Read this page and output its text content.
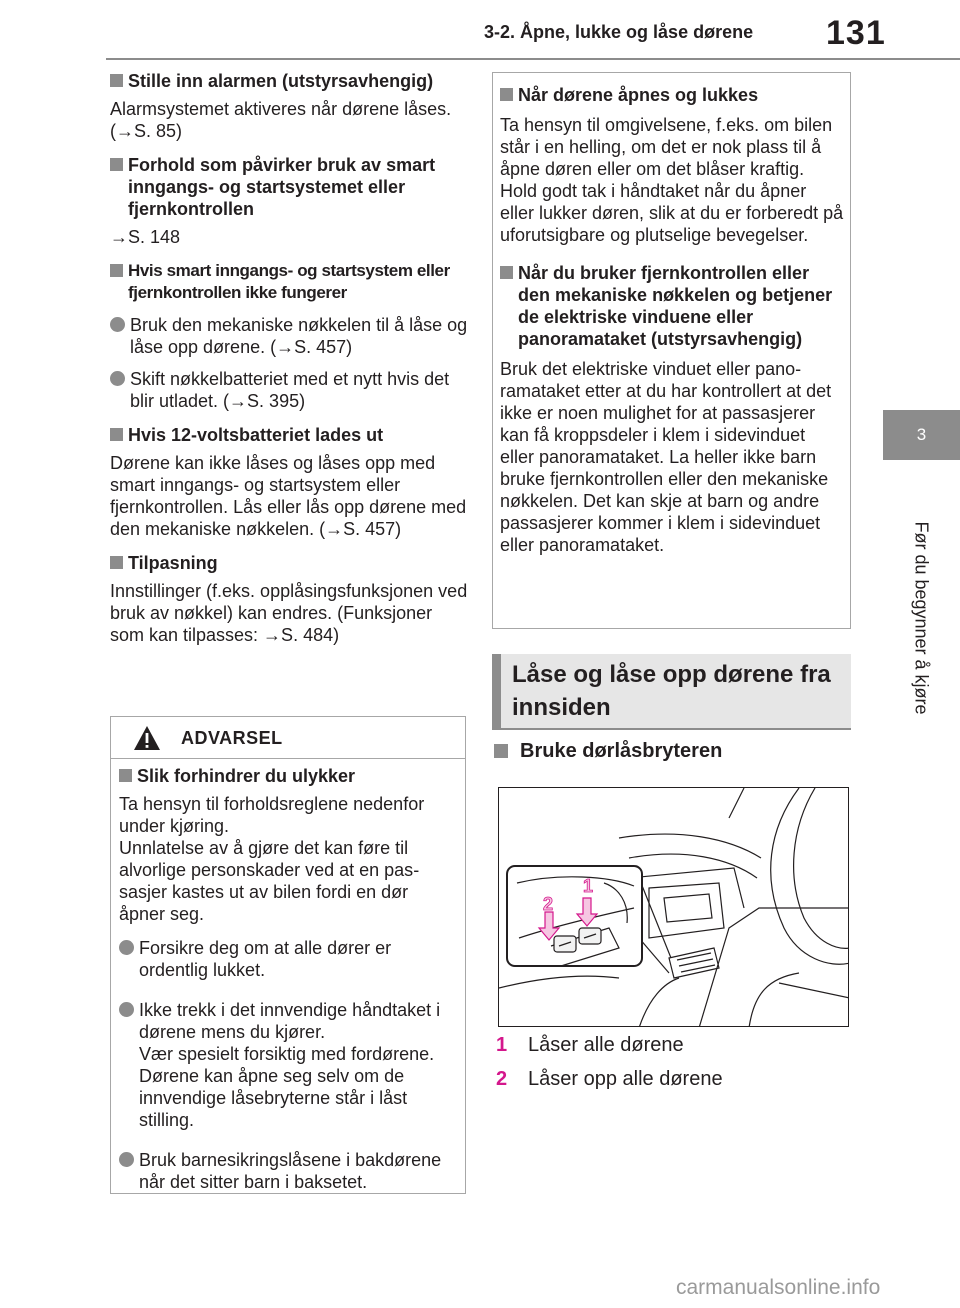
3-2. Åpne, lukke og låse dørene 131
3
Før du begynner å kjøre
Stille inn alarmen (utstyrsavhengig)
Alarmsystemet aktiveres når dørene låses. (→S. 85)
Forhold som påvirker bruk av smart inngangs- og startsystemet eller fjernkontrollen
→S. 148
Hvis smart inngangs- og startsystem eller fjernkontrollen ikke fungerer
Bruk den mekaniske nøkkelen til å låse og låse opp dørene. (→S. 457)
Skift nøkkelbatteriet med et nytt hvis det blir utladet. (→S. 395)
Hvis 12-voltsbatteriet lades ut
Dørene kan ikke låses og låses opp med smart inngangs- og startsystem eller fjernkontrollen. Lås eller lås opp dørene med den mekaniske nøkkelen. (→S. 457)
Tilpasning
Innstillinger (f.eks. opplåsingsfunksjonen ved bruk av nøkkel) kan endres. (Funksjoner som kan tilpasses: →S. 484)
ADVARSEL
Slik forhindrer du ulykker
Ta hensyn til forholdsreglene nedenfor under kjøring.
Unnlatelse av å gjøre det kan føre til alvorlige personskader ved at en passasjer kastes ut av bilen fordi en dør åpner seg.
Forsikre deg om at alle dører er ordentlig lukket.
Ikke trekk i det innvendige håndtaket i dørene mens du kjører.
Vær spesielt forsiktig med fordørene. Dørene kan åpne seg selv om de innvendige låsebryterne står i låst stilling.
Bruk barnesikringslåsene i bakdørene når det sitter barn i baksetet.
Når dørene åpnes og lukkes
Ta hensyn til omgivelsene, f.eks. om bilen står i en helling, om det er nok plass til å åpne døren eller om det blåser kraftig. Hold godt tak i håndtaket når du åpner eller lukker døren, slik at du er forberedt på uforutsigbare og plutselige bevegelser.
Når du bruker fjernkontrollen eller den mekaniske nøkkelen og betjener de elektriske vinduene eller panoramataket (utstyrsavhengig)
Bruk det elektriske vinduet eller panoramataket etter at du har kontrollert at det ikke er noen mulighet for at passasjerer kan få kroppsdeler i klem i sidevinduet eller panoramataket. La heller ikke barn bruke fjernkontrollen eller den mekaniske nøkkelen. Det kan skje at barn og andre passasjerer kommer i klem i sidevinduet eller panoramataket.
Låse og låse opp dørene fra innsiden
Bruke dørlåsbryteren
1
2
1 Låser alle dørene
2 Låser opp alle dørene
carmanualsonline.info
